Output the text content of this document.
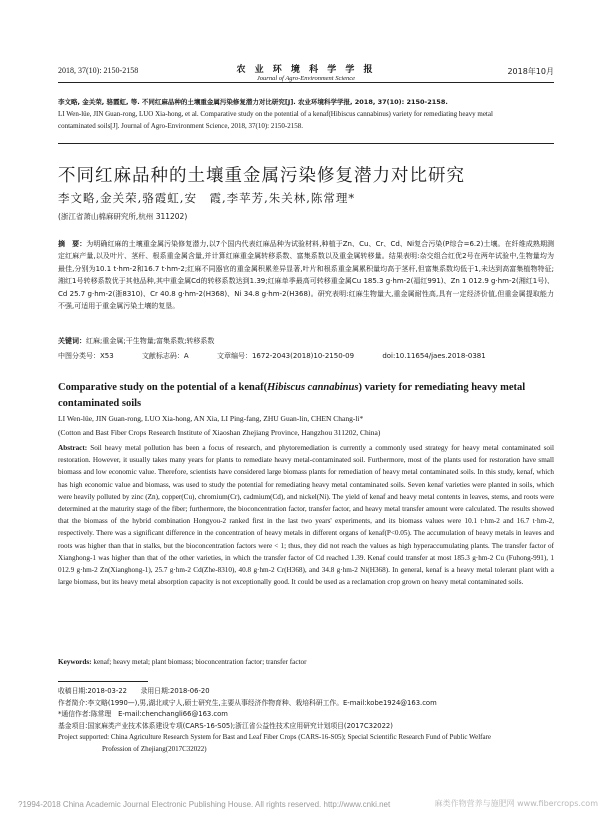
2018, 37(10): 2150-2158	农 业 环 境 科 学 学 报
Journal of Agro-Environment Science
2018年10月
李文略, 金关荣, 骆霞虹, 等. 不同红麻品种的土壤重金属污染修复潜力对比研究[J]. 农业环境科学学报, 2018, 37(10): 2150-2158.
LI Wen-lüe, JIN Guan-rong, LUO Xia-hong, et al. Comparative study on the potential of a kenaf(Hibiscus cannabinus) variety for remediating heavy metal
contaminated soils[J]. Journal of Agro-Environment Science, 2018, 37(10): 2150-2158.
不同红麻品种的土壤重金属污染修复潜力对比研究
李文略,金关荣,骆霞虹,安　霞,李苹芳,朱关林,陈常理*
(浙江省萧山棉麻研究所,杭州 311202)
摘　要：为明确红麻的土壤重金属污染修复潜力,以7个国内代表红麻品种为试验材料,种植于Zn、Cu、Cr、Cd、Ni复合污染(P综合=6.2)土壤。在纤维成熟期测定红麻产量,以及叶片、茎秆、根系重金属含量,并计算红麻重金属转移系数、富集系数以及重金属转移量。结果表明:杂交组合红优2号在两年试验中,生物量均为最佳,分别为10.1 t·hm-2和16.7 t·hm-2;红麻不同器官的重金属积累差异显著,叶片和根系重金属累积量均高于茎秆,但富集系数均低于1,未达到高富集植物特征;湘红1号转移系数优于其他品种,其中重金属Cd的转移系数达到1.39;红麻单季最高可转移重金属Cu 185.3 g·hm-2(福红991)、Zn 1 012.9 g·hm-2(湘红1号)、Cd 25.7 g·hm-2(浙8310)、Cr 40.8 g·hm-2(H368)、Ni 34.8 g·hm-2(H368)。研究表明:红麻生物量大,重金属耐性高,具有一定经济价值,但重金属提取能力不强,可适用于重金属污染土壤的复垦。
关键词：红麻;重金属;干生物量;富集系数;转移系数
中图分类号：X53	文献标志码：A	文章编号：1672-2043(2018)10-2150-09	doi:10.11654/jaes.2018-0381
Comparative study on the potential of a kenaf(Hibiscus cannabinus) variety for remediating heavy metal contaminated soils
LI Wen-lüe, JIN Guan-rong, LUO Xia-hong, AN Xia, LI Ping-fang, ZHU Guan-lin, CHEN Chang-li*
(Cotton and Bast Fiber Crops Research Institute of Xiaoshan Zhejiang Province, Hangzhou 311202, China)
Abstract: Soil heavy metal pollution has been a focus of research, and phytoremediation is currently a commonly used strategy for heavy metal contaminated soil restoration. However, it usually takes many years for plants to remediate heavy metal-contaminated soil. Furthermore, most of the plants used for restoration have small biomass and low economic value. Therefore, scientists have considered large biomass plants for remediation of heavy metal contaminated soils. In this study, kenaf, which has high economic value and biomass, was used to study the potential for remediating heavy metal contaminated soils. Seven kenaf varieties were planted in soils, which were heavily polluted by zinc (Zn), copper(Cu), chromium(Cr), cadmium(Cd), and nickel(Ni). The yield of kenaf and heavy metal contents in leaves, stems, and roots were determined at the maturity stage of the fiber; furthermore, the bioconcentration factor, transfer factor, and heavy metal transfer amount were calculated. The results showed that the biomass of the hybrid combination Hongyou-2 ranked first in the last two years' experiments, and its biomass values were 10.1 t·hm-2 and 16.7 t·hm-2, respectively. There was a significant difference in the concentration of heavy metals in different organs of kenaf(P<0.05). The accumulation of heavy metals in leaves and roots was higher than that in stalks, but the bioconcentration factors were < 1; thus, they did not reach the values as high hyperaccumulating plants. The transfer factor of Xianghong-1 was higher than that of the other varieties, in which the transfer factor of Cd reached 1.39. Kenaf could transfer at most 185.3 g·hm-2 Cu (Fuhong-991), 1 012.9 g·hm-2 Zn(Xianghong-1), 25.7 g·hm-2 Cd(Zhe-8310), 40.8 g·hm-2 Cr(H368), and 34.8 g·hm-2 Ni(H368). In general, kenaf is a heavy metal tolerant plant with a large biomass, but its heavy metal absorption capacity is not exceptionally good. It could be used as a reclamation crop grown on heavy metal contaminated soils.
Keywords: kenaf; heavy metal; plant biomass; bioconcentration factor; transfer factor
收稿日期:2018-03-22　　录用日期:2018-06-20
作者简介:李文略(1990—),男,湖北咸宁人,硕士研究生,主要从事经济作物育种、栽培科研工作。E-mail:kobe1924@163.com
*通信作者:陈常理　E-mail:chenchangli66@163.com
基金项目:国家麻类产业技术体系建设专项(CARS-16-S05);浙江省公益性技术应用研究计划项目(2017C32022)
Project supported: China Agriculture Research System for Bast and Leaf Fiber Crops (CARS-16-S05); Special Scientific Research Fund of Public Welfare
Profession of Zhejiang(2017C32022)
?1994-2018 China Academic Journal Electronic Publishing House. All rights reserved. http://www.cnki.net	麻类作物营养与施肥网 www.fibercrops.com
